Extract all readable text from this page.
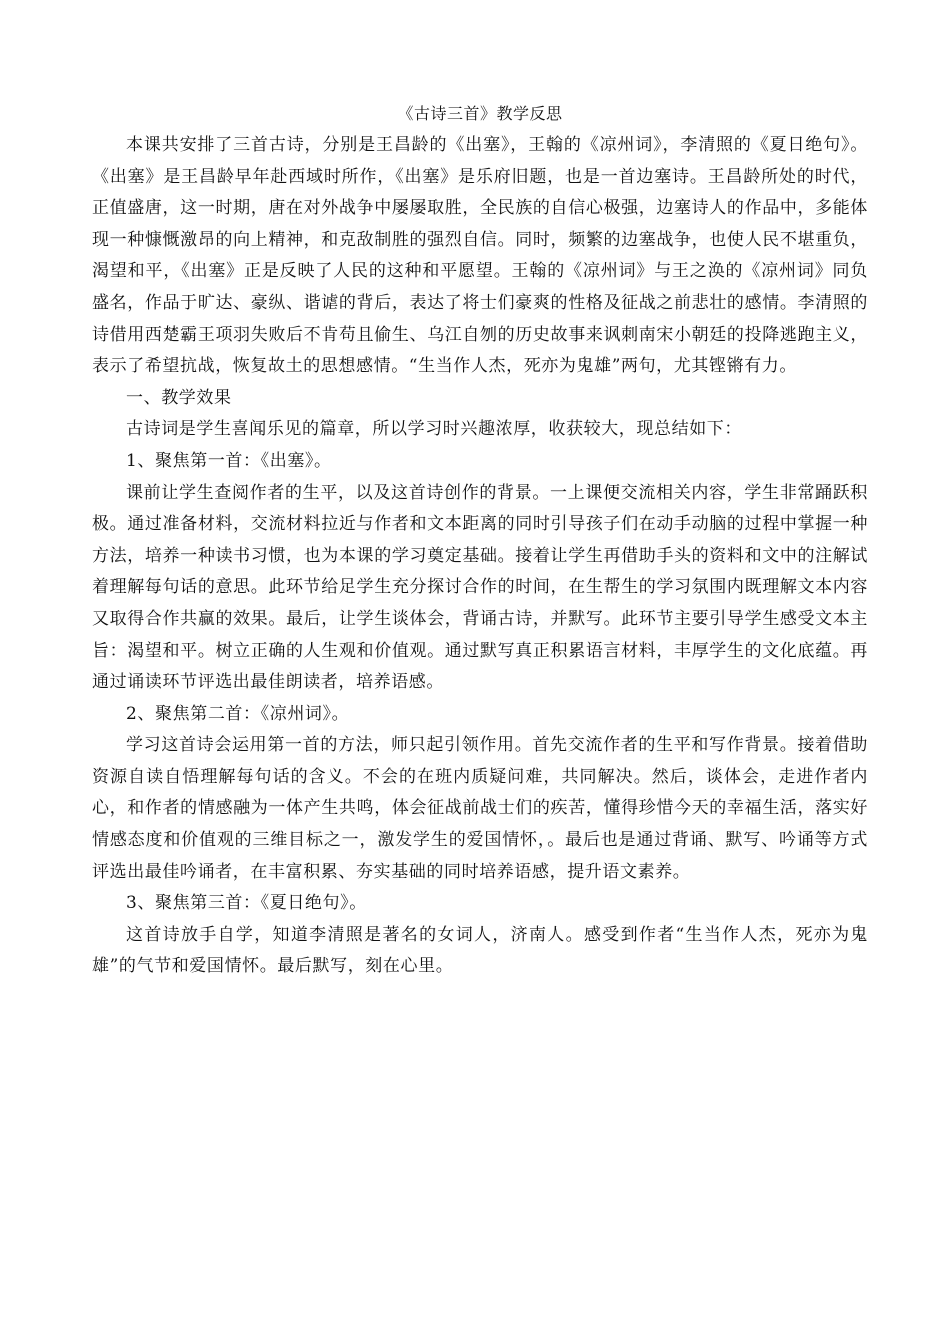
《古诗三首》教学反思

本课共安排了三首古诗，分别是王昌龄的《出塞》，王翰的《凉州词》，李清照的《夏日绝句》。《出塞》是王昌龄早年赴西域时所作，《出塞》是乐府旧题，也是一首边塞诗。王昌龄所处的时代，正值盛唐，这一时期，唐在对外战争中屡屡取胜，全民族的自信心极强，边塞诗人的作品中，多能体现一种慷慨激昂的向上精神，和克敌制胜的强烈自信。同时，频繁的边塞战争，也使人民不堪重负，渴望和平，《出塞》正是反映了人民的这种和平愿望。王翰的《凉州词》与王之涣的《凉州词》同负盛名，作品于旷达、豪纵、谐谑的背后，表达了将士们豪爽的性格及征战之前悲壮的感情。李清照的诗借用西楚霸王项羽失败后不肯苟且偷生、乌江自刎的历史故事来讽刺南宋小朝廷的投降逃跑主义，表示了希望抗战，恢复故土的思想感情。“生当作人杰，死亦为鬼雄”两句，尤其铿锵有力。

一、教学效果

古诗词是学生喜闻乐见的篇章，所以学习时兴趣浓厚，收获较大，现总结如下：

1、聚焦第一首：《出塞》。

课前让学生查阅作者的生平，以及这首诗创作的背景。一上课便交流相关内容，学生非常踊跃积极。通过准备材料，交流材料拉近与作者和文本距离的同时引导孩子们在动手动脑的过程中掌握一种方法，培养一种读书习惯，也为本课的学习奠定基础。接着让学生再借助手头的资料和文中的注解试着理解每句话的意思。此环节给足学生充分探讨合作的时间，在生帮生的学习氛围内既理解文本内容又取得合作共赢的效果。最后，让学生谈体会，背诵古诗，并默写。此环节主要引导学生感受文本主旨：渴望和平。树立正确的人生观和价值观。通过默写真正积累语言材料，丰厚学生的文化底蕴。再通过诵读环节评选出最佳朗读者，培养语感。

2、聚焦第二首：《凉州词》。

学习这首诗会运用第一首的方法，师只起引领作用。首先交流作者的生平和写作背景。接着借助资源自读自悟理解每句话的含义。不会的在班内质疑问难，共同解决。然后，谈体会，走进作者内心，和作者的情感融为一体产生共鸣，体会征战前战士们的疾苦，懂得珍惜今天的幸福生活，落实好情感态度和价值观的三维目标之一，激发学生的爱国情怀，。最后也是通过背诵、默写、吟诵等方式评选出最佳吟诵者，在丰富积累、夯实基础的同时培养语感，提升语文素养。

3、聚焦第三首：《夏日绝句》。

这首诗放手自学，知道李清照是著名的女词人，济南人。感受到作者“生当作人杰，死亦为鬼雄”的气节和爱国情怀。最后默写，刻在心里。
